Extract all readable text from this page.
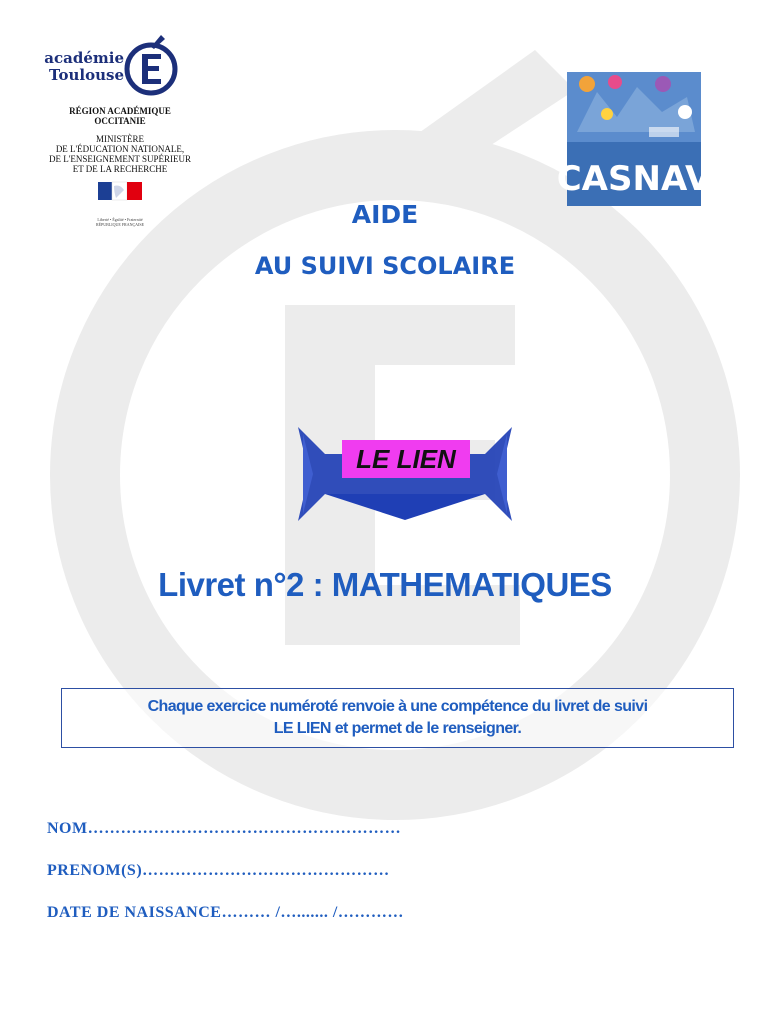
académie
Toulouse
RÉGION ACADÉMIQUE
OCCITANIE
MINISTÈRE
DE L'ÉDUCATION NATIONALE,
DE L'ENSEIGNEMENT SUPÉRIEUR
ET DE LA RECHERCHE
Liberté • Égalité • Fraternité
RÉPUBLIQUE FRANÇAISE
CASNAV
AIDE
AU SUIVI SCOLAIRE
LE LIEN
Livret n°2 : MATHEMATIQUES
Chaque exercice numéroté renvoie à une compétence du livret de suivi
LE LIEN et permet de le renseigner.
NOM…………………………………………………
PRENOM(S)………………………………………
DATE DE NAISSANCE……… /…....... /…………
